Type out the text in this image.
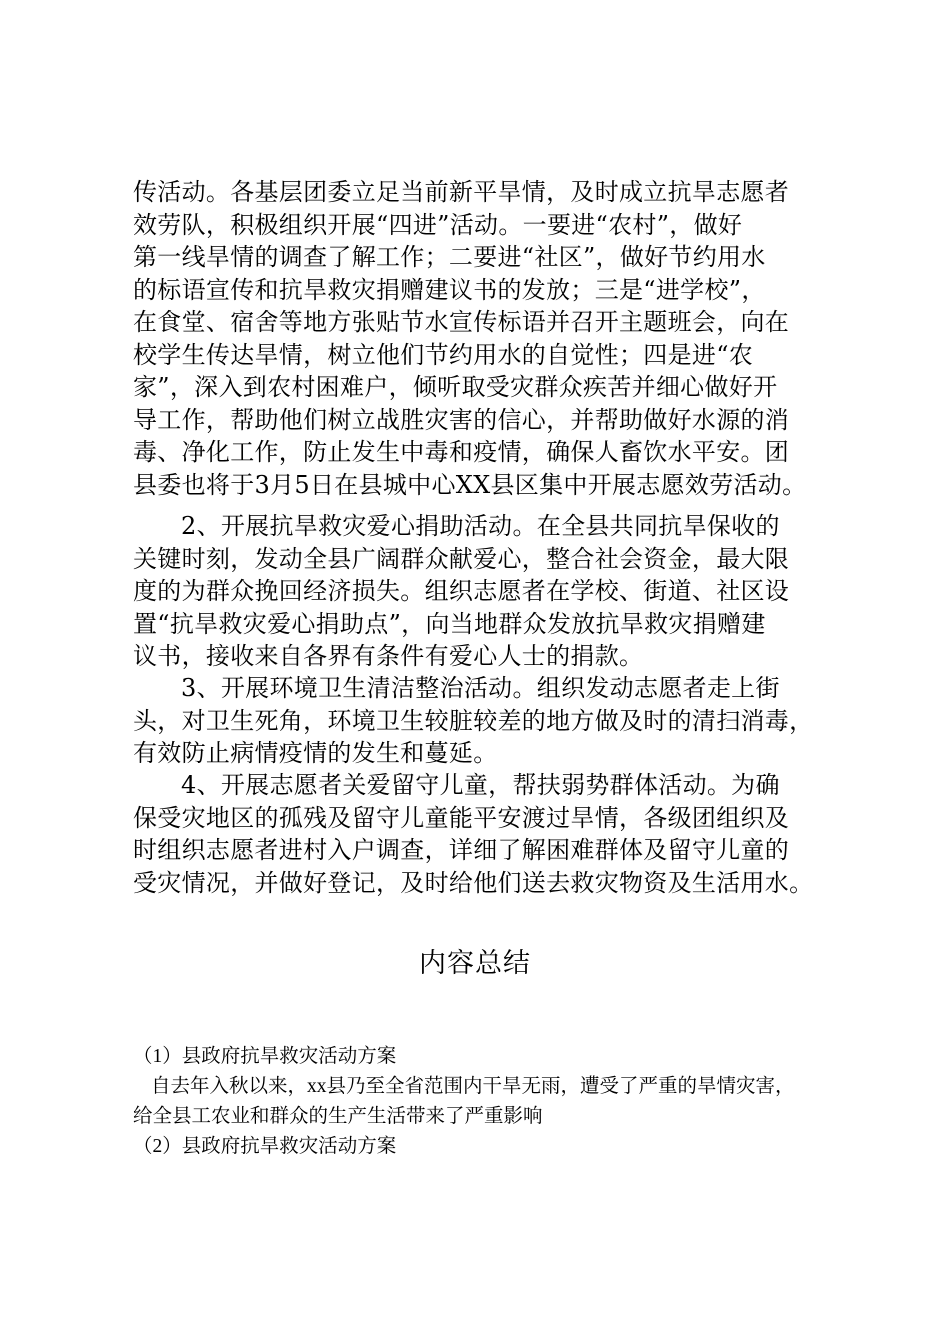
传活动。各基层团委立足当前新平旱情，及时成立抗旱志愿者
效劳队，积极组织开展“四进”活动。一要进“农村”，做好
第一线旱情的调查了解工作；二要进“社区”，做好节约用水
的标语宣传和抗旱救灾捐赠建议书的发放；三是“进学校”，
在食堂、宿舍等地方张贴节水宣传标语并召开主题班会，向在
校学生传达旱情，树立他们节约用水的自觉性；四是进“农
家”，深入到农村困难户，倾听取受灾群众疾苦并细心做好开
导工作，帮助他们树立战胜灾害的信心，并帮助做好水源的消
毒、净化工作，防止发生中毒和疫情，确保人畜饮水平安。团
县委也将于3月5日在县城中心XX县区集中开展志愿效劳活动。
2、开展抗旱救灾爱心捐助活动。在全县共同抗旱保收的
关键时刻，发动全县广阔群众献爱心，整合社会资金，最大限
度的为群众挽回经济损失。组织志愿者在学校、街道、社区设
置“抗旱救灾爱心捐助点”，向当地群众发放抗旱救灾捐赠建
议书，接收来自各界有条件有爱心人士的捐款。
3、开展环境卫生清洁整治活动。组织发动志愿者走上街
头，对卫生死角，环境卫生较脏较差的地方做及时的清扫消毒，
有效防止病情疫情的发生和蔓延。
4、开展志愿者关爱留守儿童，帮扶弱势群体活动。为确
保受灾地区的孤残及留守儿童能平安渡过旱情，各级团组织及
时组织志愿者进村入户调查，详细了解困难群体及留守儿童的
受灾情况，并做好登记，及时给他们送去救灾物资及生活用水。
内容总结
（1）县政府抗旱救灾活动方案
自去年入秋以来，xx县乃至全省范围内干旱无雨，遭受了严重的旱情灾害，
给全县工农业和群众的生产生活带来了严重影响
（2）县政府抗旱救灾活动方案
